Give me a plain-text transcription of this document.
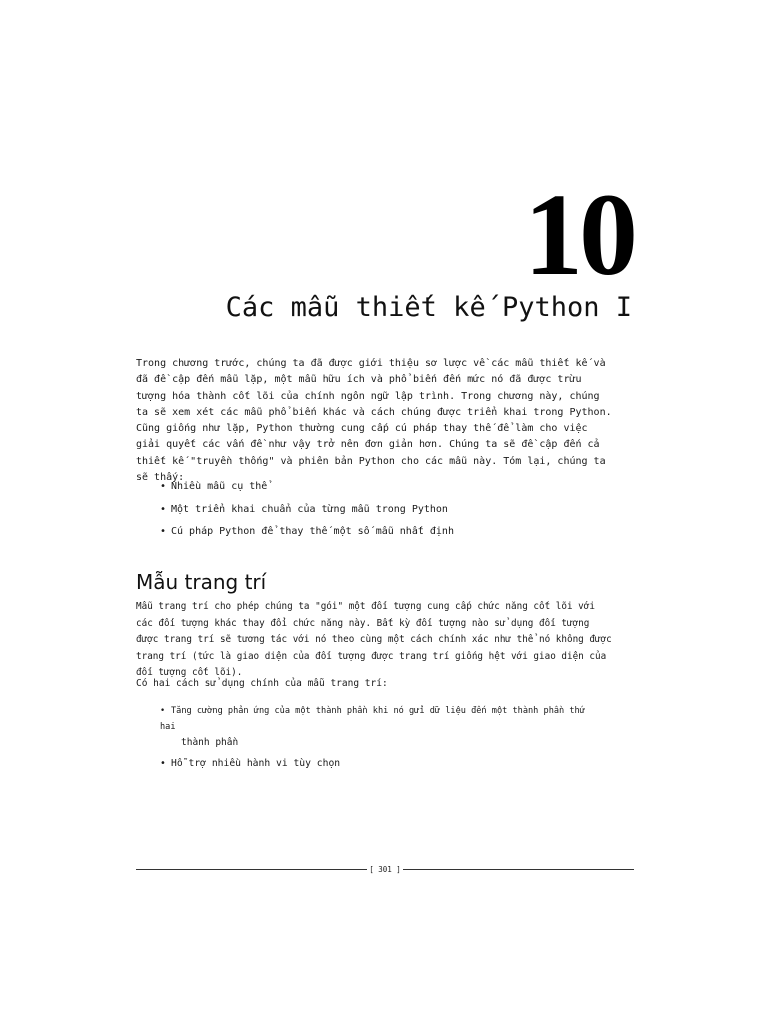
10
Các mẫu thiết kế Python I

Trong chương trước, chúng ta đã được giới thiệu sơ lược về các mẫu thiết kế và đã đề cập đến mẫu lặp, một mẫu hữu ích và phổ biến đến mức nó đã được trừu tượng hóa thành cốt lõi của chính ngôn ngữ lập trình. Trong chương này, chúng ta sẽ xem xét các mẫu phổ biến khác và cách chúng được triển khai trong Python. Cũng giống như lặp, Python thường cung cấp cú pháp thay thế để làm cho việc giải quyết các vấn đề như vậy trở nên đơn giản hơn. Chúng ta sẽ đề cập đến cả thiết kế "truyền thống" và phiên bản Python cho các mẫu này. Tóm lại, chúng ta sẽ thấy:

• Nhiều mẫu cụ thể
• Một triển khai chuẩn của từng mẫu trong Python
• Cú pháp Python để thay thế một số mẫu nhất định
Mẫu trang trí

Mẫu trang trí cho phép chúng ta "gói" một đối tượng cung cấp chức năng cốt lõi với các đối tượng khác thay đổi chức năng này. Bất kỳ đối tượng nào sử dụng đối tượng được trang trí sẽ tương tác với nó theo cùng một cách chính xác như thể nó không được trang trí (tức là giao diện của đối tượng được trang trí giống hệt với giao diện của đối tượng cốt lõi).

Có hai cách sử dụng chính của mẫu trang trí:

• Tăng cường phản ứng của một thành phần khi nó gửi dữ liệu đến một thành phần thứ hai
thành phần
• Hỗ trợ nhiều hành vi tùy chọn
[ 301 ]
